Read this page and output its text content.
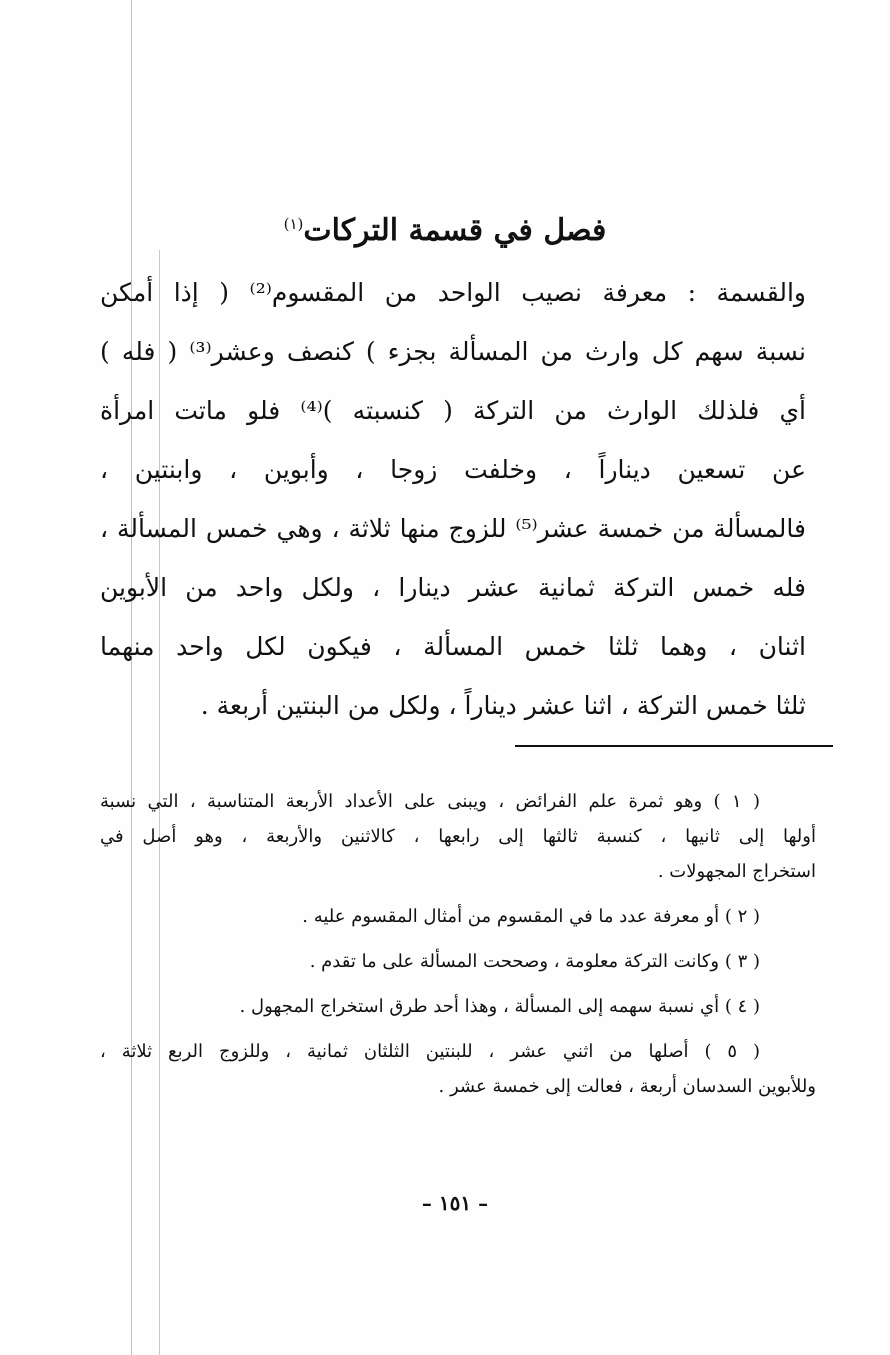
فصل في قسمة التركات$^{(١)}$
والقسمة : معرفة نصيب الواحد من المقسوم⁽²⁾ ( إذا أمكن
نسبة سهم كل وارث من المسألة بجزء ) كنصف وعشر⁽³⁾ ( فله )
أي فلذلك الوارث من التركة ( كنسبته )⁽⁴⁾ فلو ماتت امرأة
عن تسعين ديناراً ، وخلفت زوجا ، وأبوين ، وابنتين ،
فالمسألة من خمسة عشر⁽⁵⁾ للزوج منها ثلاثة ، وهي خمس المسألة ،
فله خمس التركة ثمانية عشر دينارا ، ولكل واحد من الأبوين
اثنان ، وهما ثلثا خمس المسألة ، فيكون لكل واحد منهما
ثلثا خمس التركة ، اثنا عشر ديناراً ، ولكل من البنتين أربعة .
( ١ ) وهو ثمرة علم الفرائض ، ويبنى على الأعداد الأربعة المتناسبة ، التي نسبة
أولها إلى ثانيها ، كنسبة ثالثها إلى رابعها ، كالاثنين والأربعة ، وهو أصل في
استخراج المجهولات .
( ٢ ) أو معرفة عدد ما في المقسوم من أمثال المقسوم عليه .
( ٣ ) وكانت التركة معلومة ، وصححت المسألة على ما تقدم .
( ٤ ) أي نسبة سهمه إلى المسألة ، وهذا أحد طرق استخراج المجهول .
( ٥ ) أصلها من اثني عشر ، للبنتين الثلثان ثمانية ، وللزوج الربع ثلاثة ،
وللأبوين السدسان أربعة ، فعالت إلى خمسة عشر .
– ١٥١ –
